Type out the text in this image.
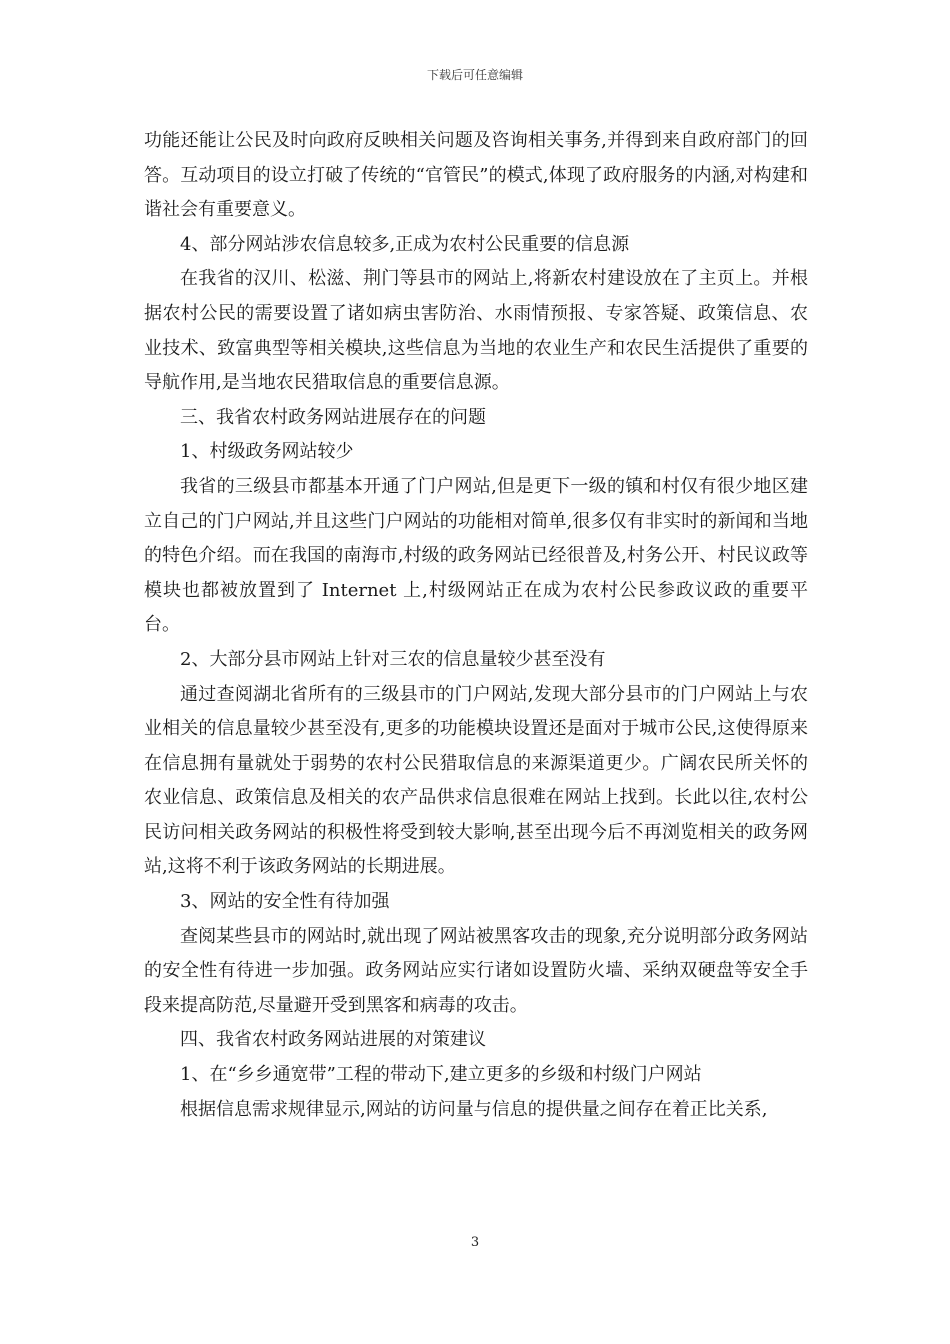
下载后可任意编辑

功能还能让公民及时向政府反映相关问题及咨询相关事务,并得到来自政府部门的回答。互动项目的设立打破了传统的“官管民”的模式,体现了政府服务的内涵,对构建和谐社会有重要意义。

4、部分网站涉农信息较多,正成为农村公民重要的信息源

在我省的汉川、松滋、荆门等县市的网站上,将新农村建设放在了主页上。并根据农村公民的需要设置了诸如病虫害防治、水雨情预报、专家答疑、政策信息、农业技术、致富典型等相关模块,这些信息为当地的农业生产和农民生活提供了重要的导航作用,是当地农民猎取信息的重要信息源。

三、我省农村政务网站进展存在的问题

1、村级政务网站较少

我省的三级县市都基本开通了门户网站,但是更下一级的镇和村仅有很少地区建立自己的门户网站,并且这些门户网站的功能相对简单,很多仅有非实时的新闻和当地的特色介绍。而在我国的南海市,村级的政务网站已经很普及,村务公开、村民议政等模块也都被放置到了 Internet 上,村级网站正在成为农村公民参政议政的重要平台。

2、大部分县市网站上针对三农的信息量较少甚至没有

通过查阅湖北省所有的三级县市的门户网站,发现大部分县市的门户网站上与农业相关的信息量较少甚至没有,更多的功能模块设置还是面对于城市公民,这使得原来在信息拥有量就处于弱势的农村公民猎取信息的来源渠道更少。广阔农民所关怀的农业信息、政策信息及相关的农产品供求信息很难在网站上找到。长此以往,农村公民访问相关政务网站的积极性将受到较大影响,甚至出现今后不再浏览相关的政务网站,这将不利于该政务网站的长期进展。

3、网站的安全性有待加强

查阅某些县市的网站时,就出现了网站被黑客攻击的现象,充分说明部分政务网站的安全性有待进一步加强。政务网站应实行诸如设置防火墙、采纳双硬盘等安全手段来提高防范,尽量避开受到黑客和病毒的攻击。

四、我省农村政务网站进展的对策建议

1、在“乡乡通宽带”工程的带动下,建立更多的乡级和村级门户网站

根据信息需求规律显示,网站的访问量与信息的提供量之间存在着正比关系,

3
